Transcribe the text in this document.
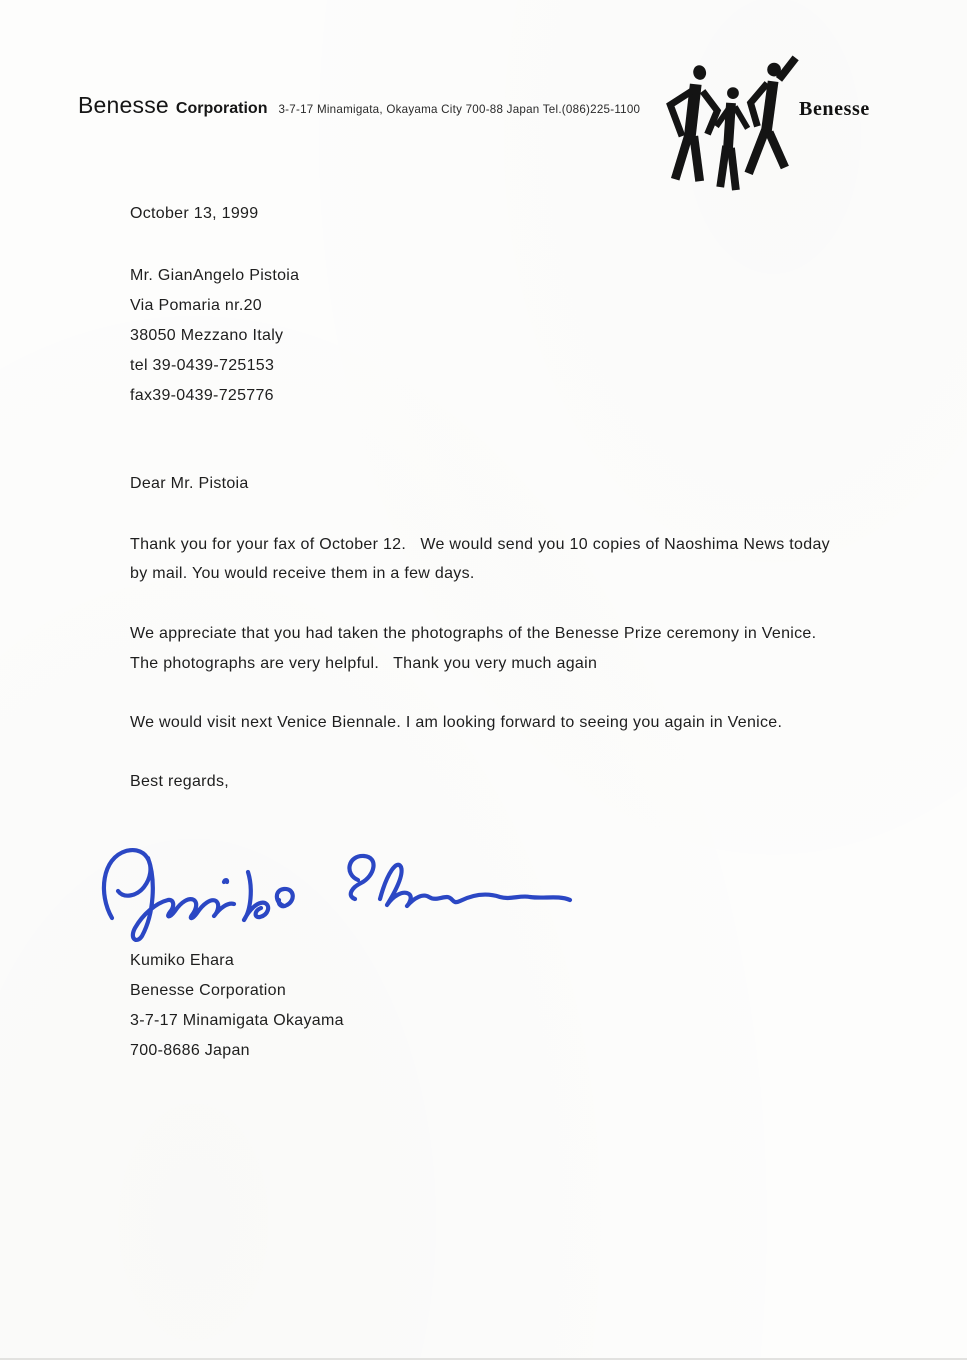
Benesse Corporation 3-7-17 Minamigata, Okayama City 700-88 Japan Tel.(086)225-1100	Benesse
October 13, 1999
Mr. GianAngelo Pistoia
Via Pomaria nr.20
38050 Mezzano Italy
tel 39-0439-725153
fax39-0439-725776
Dear Mr. Pistoia
Thank you for your fax of October 12.   We would send you 10 copies of Naoshima News today
by mail. You would receive them in a few days.
We appreciate that you had taken the photographs of the Benesse Prize ceremony in Venice.
The photographs are very helpful.   Thank you very much again
We would visit next Venice Biennale. I am looking forward to seeing you again in Venice.
Best regards,
Kumiko Ehara
Benesse Corporation
3-7-17 Minamigata Okayama
700-8686 Japan
